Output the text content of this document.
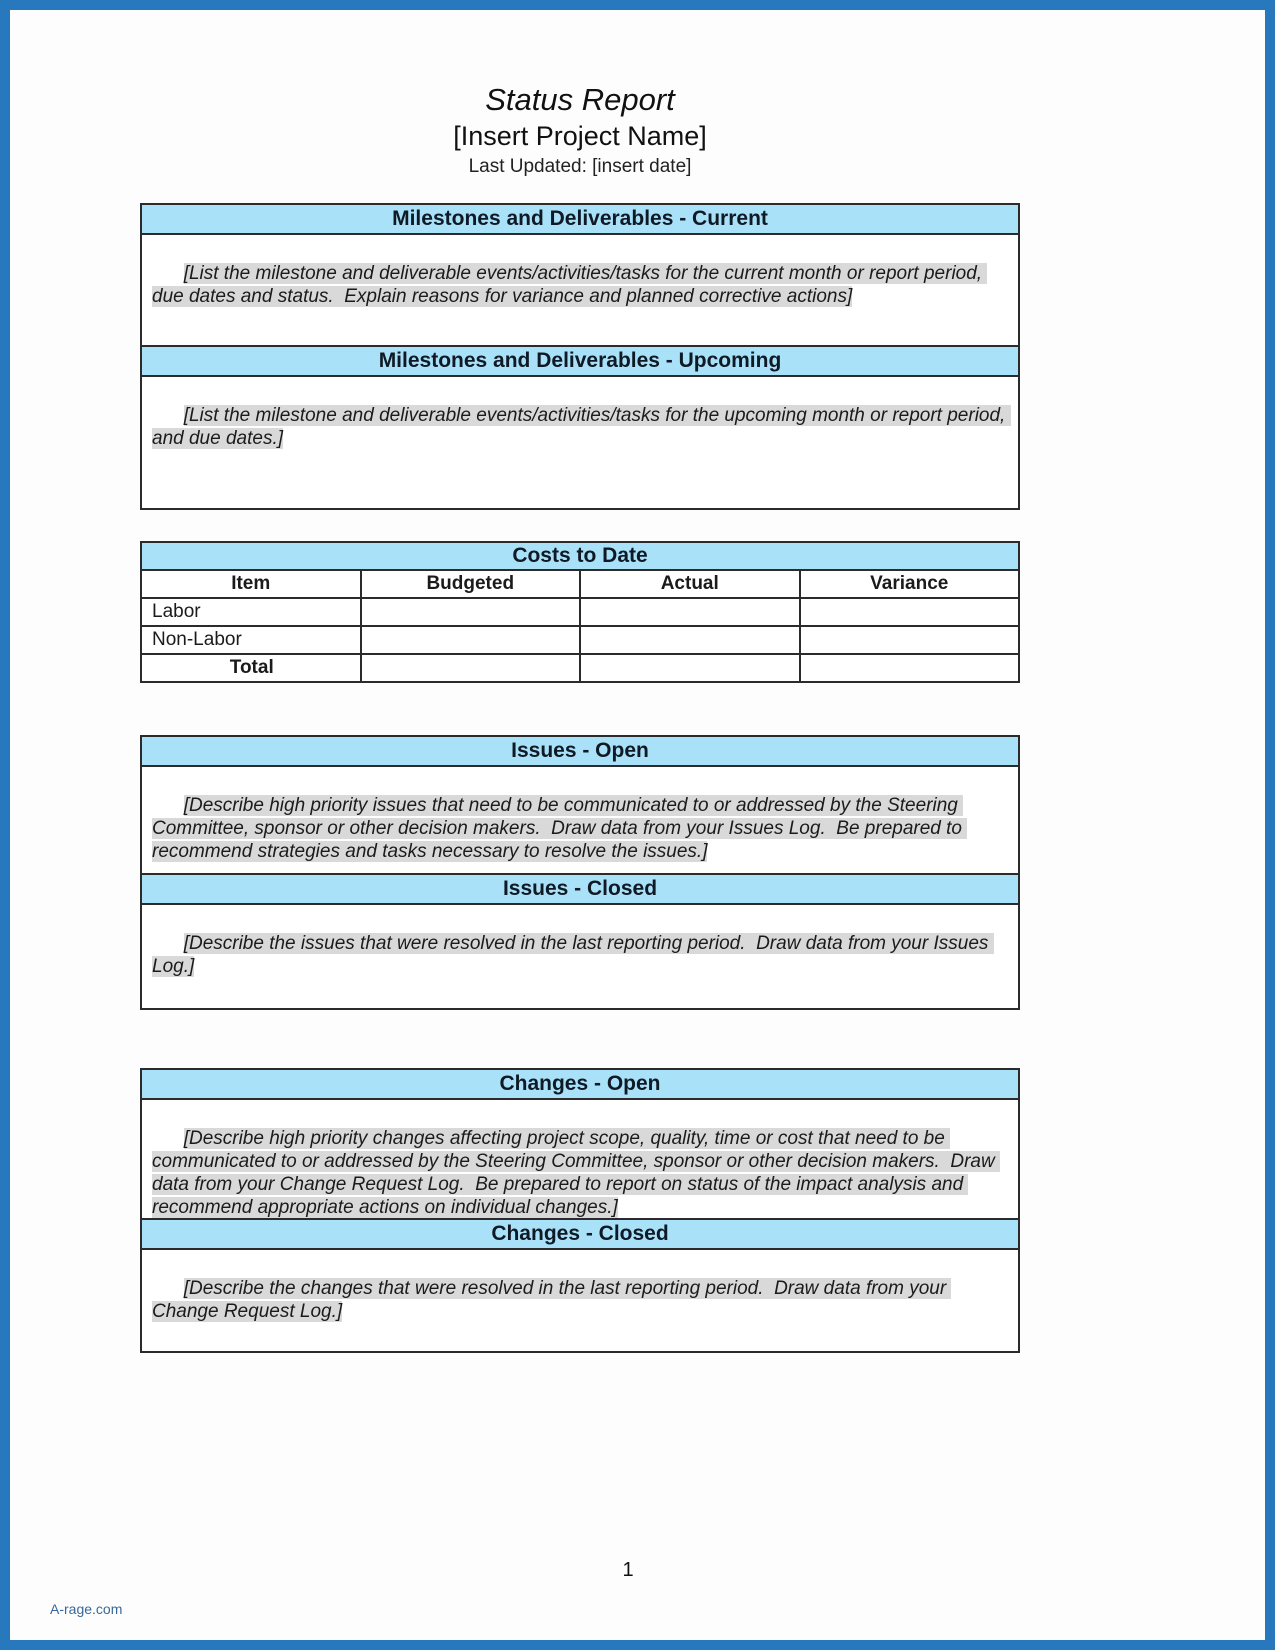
Status Report
[Insert Project Name]
Last Updated: [insert date]
Milestones and Deliverables - Current

[List the milestone and deliverable events/activities/tasks for the current month or report period, due dates and status.  Explain reasons for variance and planned corrective actions]

Milestones and Deliverables - Upcoming

[List the milestone and deliverable events/activities/tasks for the upcoming month or report period, and due dates.]

Costs to Date			
Item	Budgeted	Actual	Variance
Labor			
Non-Labor			
Total			
Issues - Open

[Describe high priority issues that need to be communicated to or addressed by the Steering Committee, sponsor or other decision makers.  Draw data from your Issues Log.  Be prepared to recommend strategies and tasks necessary to resolve the issues.]

Issues - Closed

[Describe the issues that were resolved in the last reporting period.  Draw data from your Issues Log.]

Changes - Open

[Describe high priority changes affecting project scope, quality, time or cost that need to be communicated to or addressed by the Steering Committee, sponsor or other decision makers.  Draw data from your Change Request Log.  Be prepared to report on status of the impact analysis and recommend appropriate actions on individual changes.]

Changes - Closed

[Describe the changes that were resolved in the last reporting period.  Draw data from your Change Request Log.]

1
A-rage.com
